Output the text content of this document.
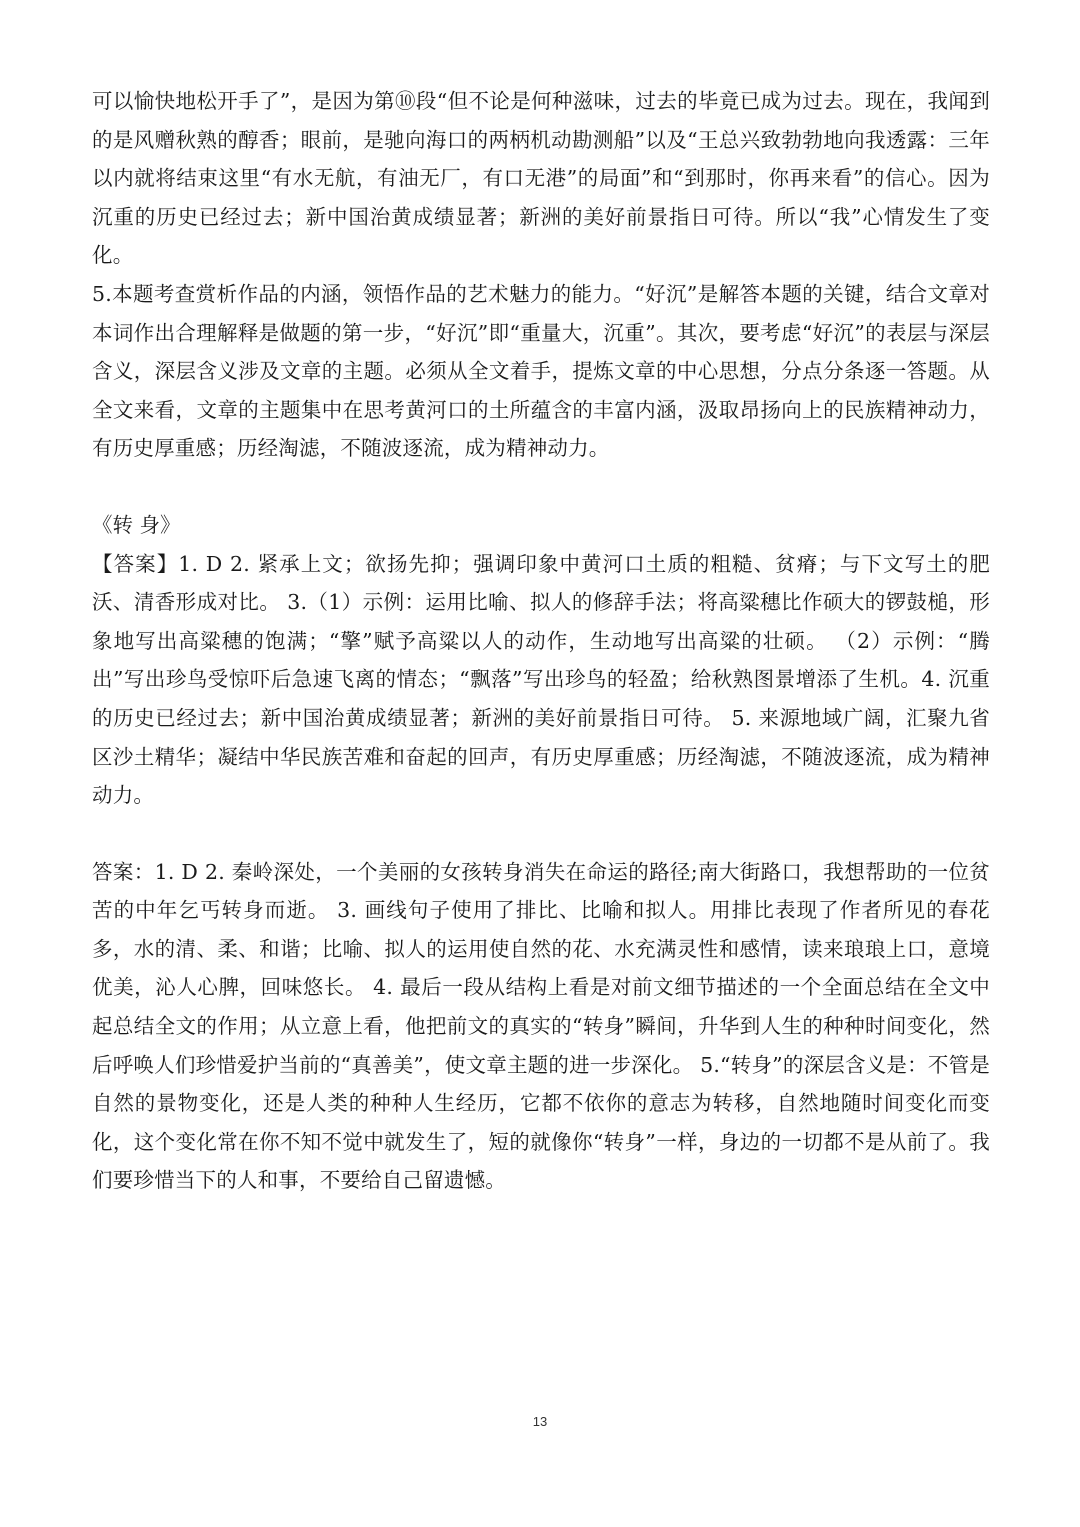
可以愉快地松开手了”，是因为第⑩段“但不论是何种滋味，过去的毕竟已成为过去。现在，我闻到的是风赠秋熟的醇香；眼前，是驰向海口的两柄机动勘测船”以及“王总兴致勃勃地向我透露：三年以内就将结束这里“有水无航，有油无厂，有口无港”的局面”和“到那时，你再来看”的信心。因为沉重的历史已经过去；新中国治黄成绩显著；新洲的美好前景指日可待。所以“我”心情发生了变化。

5.本题考查赏析作品的内涵，领悟作品的艺术魅力的能力。“好沉”是解答本题的关键，结合文章对本词作出合理解释是做题的第一步，“好沉”即“重量大，沉重”。其次，要考虑“好沉”的表层与深层含义，深层含义涉及文章的主题。必须从全文着手，提炼文章的中心思想，分点分条逐一答题。从全文来看，文章的主题集中在思考黄河口的土所蕴含的丰富内涵，汲取昂扬向上的民族精神动力，有历史厚重感；历经淘滤，不随波逐流，成为精神动力。

《转 身》

【答案】1. D 2. 紧承上文；欲扬先抑；强调印象中黄河口土质的粗糙、贫瘠；与下文写土的肥沃、清香形成对比。 3.（1）示例：运用比喻、拟人的修辞手法；将高粱穗比作硕大的锣鼓槌，形象地写出高粱穗的饱满；“擎”赋予高粱以人的动作，生动地写出高粱的壮硕。 （2）示例：“腾出”写出珍鸟受惊吓后急速飞离的情态；“飘落”写出珍鸟的轻盈；给秋熟图景增添了生机。4. 沉重的历史已经过去；新中国治黄成绩显著；新洲的美好前景指日可待。 5. 来源地域广阔，汇聚九省区沙土精华；凝结中华民族苦难和奋起的回声，有历史厚重感；历经淘滤，不随波逐流，成为精神动力。

答案：1. D 2. 秦岭深处，一个美丽的女孩转身消失在命运的路径;南大街路口，我想帮助的一位贫苦的中年乞丐转身而逝。 3. 画线句子使用了排比、比喻和拟人。用排比表现了作者所见的春花多，水的清、柔、和谐；比喻、拟人的运用使自然的花、水充满灵性和感情，读来琅琅上口，意境优美，沁人心脾，回味悠长。 4. 最后一段从结构上看是对前文细节描述的一个全面总结在全文中起总结全文的作用；从立意上看，他把前文的真实的“转身”瞬间，升华到人生的种种时间变化，然后呼唤人们珍惜爱护当前的“真善美”，使文章主题的进一步深化。 5.“转身”的深层含义是：不管是自然的景物变化，还是人类的种种人生经历，它都不依你的意志为转移，自然地随时间变化而变化，这个变化常在你不知不觉中就发生了，短的就像你“转身”一样，身边的一切都不是从前了。我们要珍惜当下的人和事，不要给自己留遗憾。

13
